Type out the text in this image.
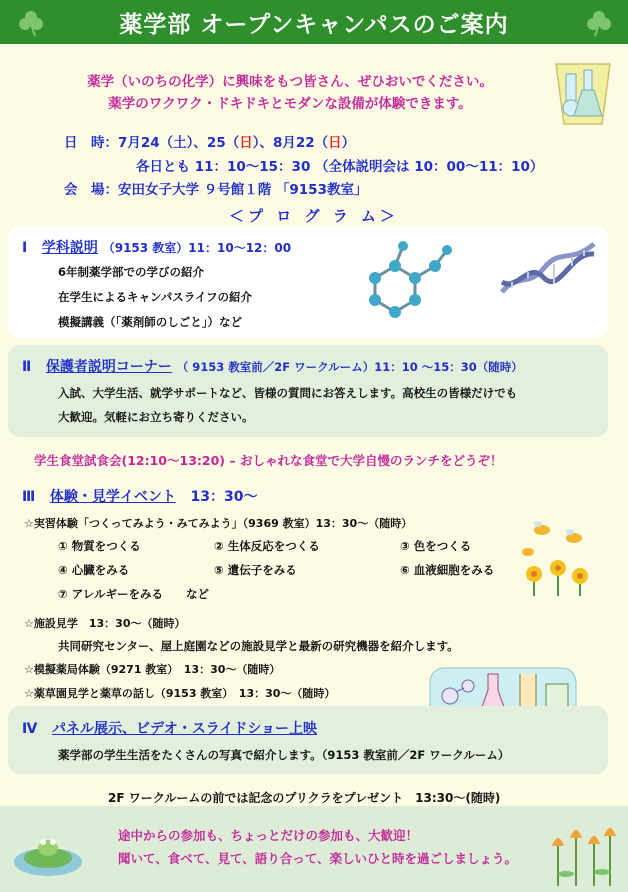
薬学部 オープンキャンパスのご案内
薬学（いのちの化学）に興味をもつ皆さん、ぜひおいでください。
薬学のワクワク・ドキドキとモダンな設備が体験できます。
日　時：7月24（土）、25（日）、8月22（日）
各日とも 11：10～15：30 （全体説明会は 10：00～11：10）
会　場：安田女子大学 ９号館１階 「9153教室」
＜プ ロ グ ラ ム＞
Ⅰ 学科説明 （9153 教室）11：10～12：00
6年制薬学部での学びの紹介
在学生によるキャンパスライフの紹介
模擬講義（「薬剤師のしごと」）など
Ⅱ 保護者説明コーナー （ 9153 教室前／2F ワークルーム）11：10 ～15：30（随時）
入試、大学生活、就学サポートなど、皆様の質問にお答えします。高校生の皆様だけでも
大歓迎。気軽にお立ち寄りください。
学生食堂試食会(12:10～13:20) – おしゃれな食堂で大学自慢のランチをどうぞ！
Ⅲ 体験・見学イベント 13：30～
☆実習体験「つくってみよう・みてみよう」（9369 教室）13：30～（随時）
① 物質をつくる	② 生体反応をつくる	③ 色をつくる
④ 心臓をみる	⑤ 遺伝子をみる	⑥ 血液細胞をみる
⑦ アレルギーをみる　　など
☆施設見学　13：30～（随時）
共同研究センター、屋上庭園などの施設見学と最新の研究機器を紹介します。
☆模擬薬局体験（9271 教室）　13：30～（随時）
☆薬草園見学と薬草の話し（9153 教室）　13：30～（随時）
Ⅳ パネル展示、ビデオ・スライドショー上映
薬学部の学生生活をたくさんの写真で紹介します。（9153 教室前／2F ワークルーム）
2F ワークルームの前では記念のプリクラをプレゼント　13:30～(随時)
途中からの参加も、ちょっとだけの参加も、大歓迎！
聞いて、食べて、見て、語り合って、楽しいひと時を過ごしましょう。
